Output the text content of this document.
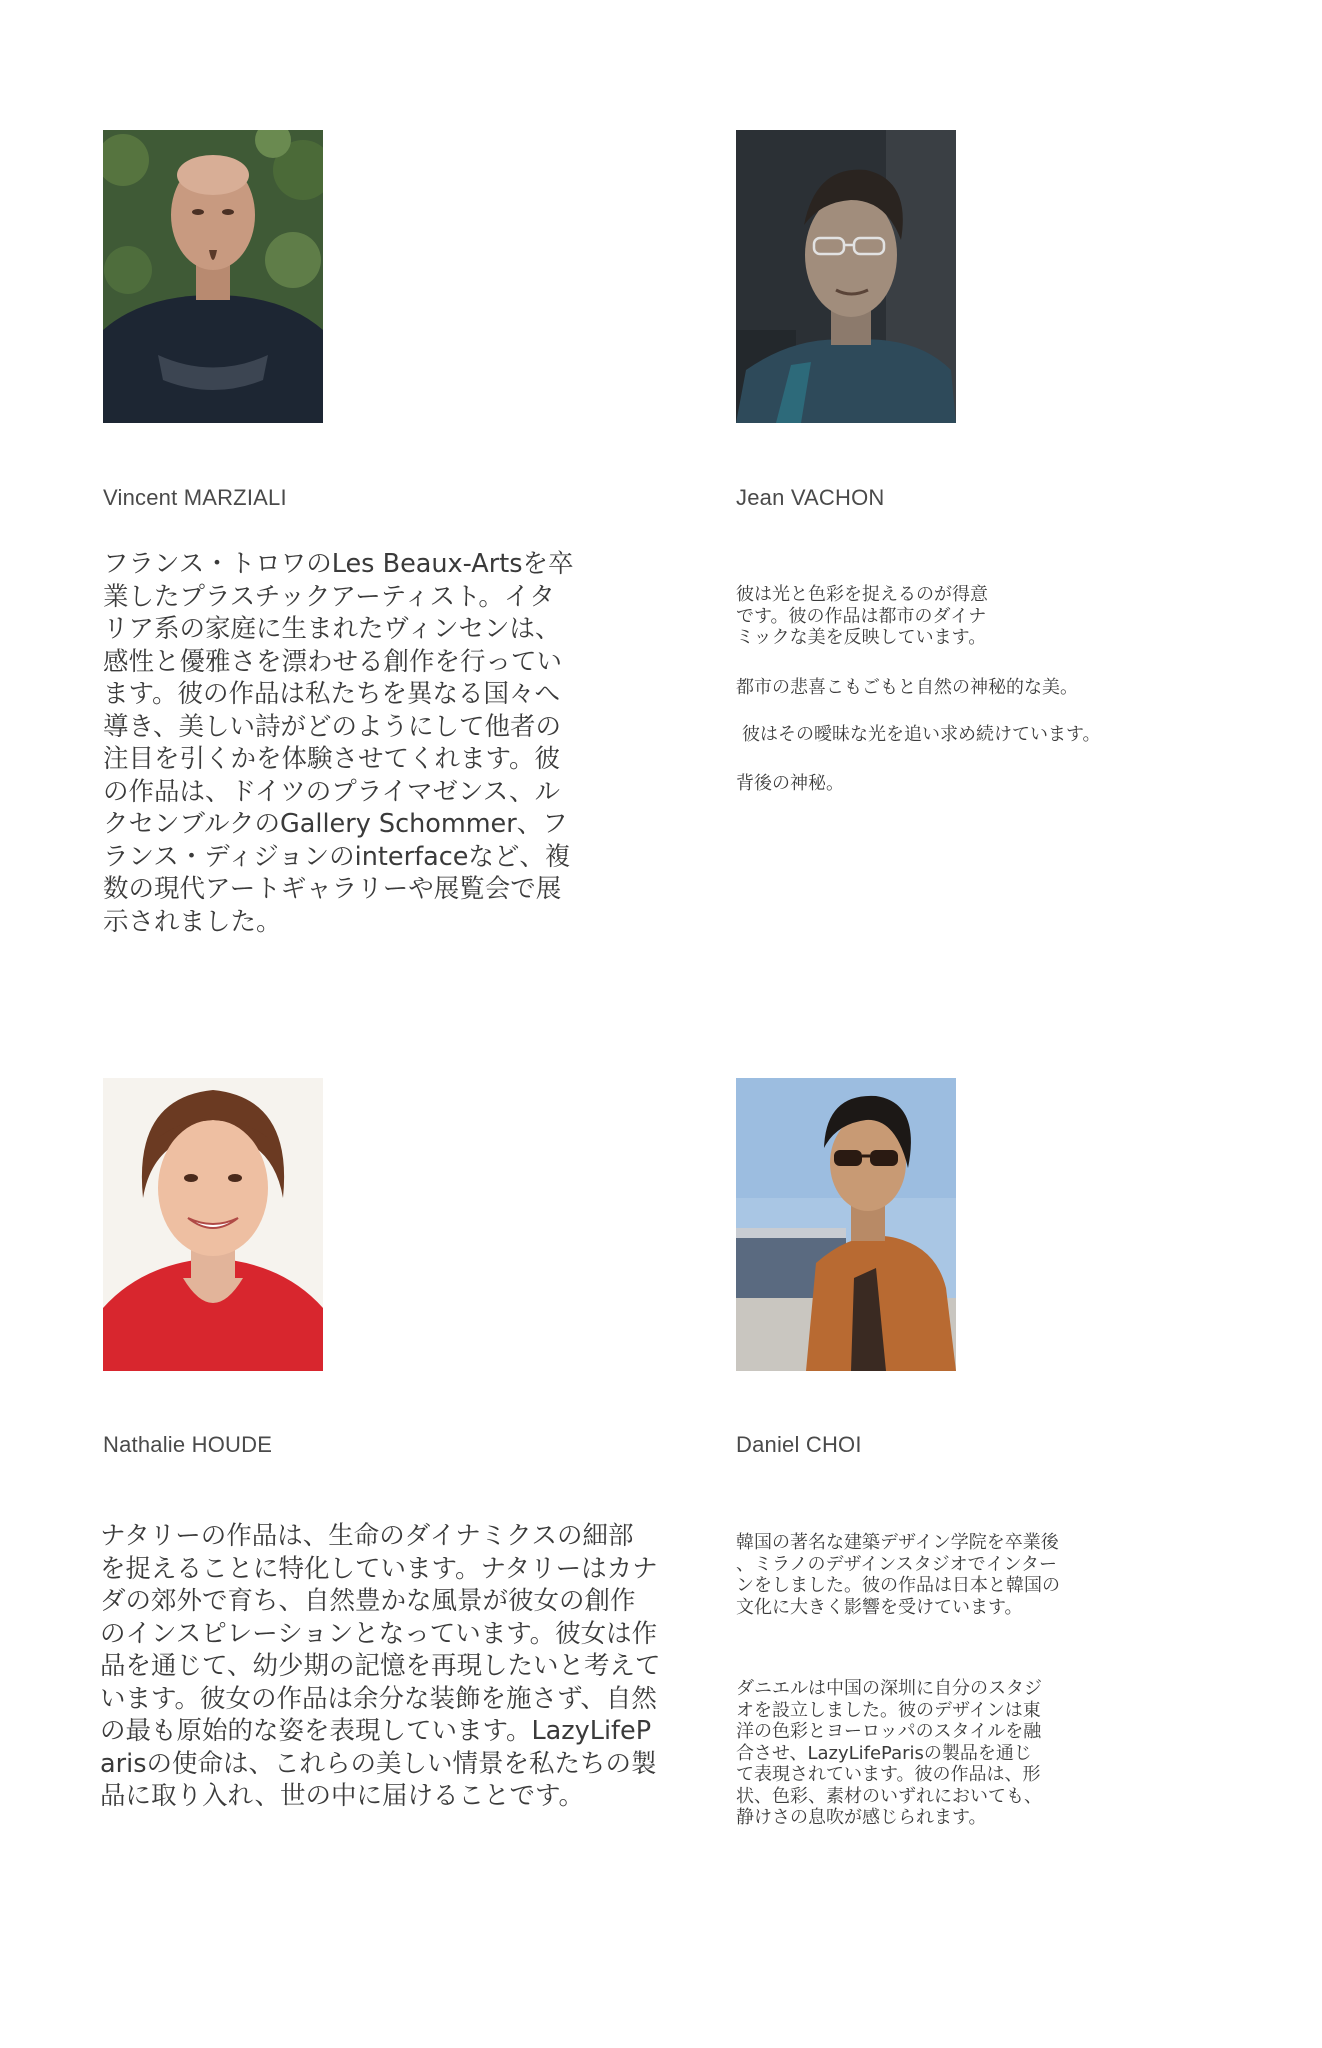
Vincent MARZIALI	Jean VACHON
Nathalie HOUDE	Daniel CHOI
フランス・トロワのLes Beaux-Artsを卒
業したプラスチックアーティスト。イタ
リア系の家庭に生まれたヴィンセンは、
感性と優雅さを漂わせる創作を行ってい
ます。彼の作品は私たちを異なる国々へ
導き、美しい詩がどのようにして他者の
注目を引くかを体験させてくれます。彼
の作品は、ドイツのプライマゼンス、ル
クセンブルクのGallery Schommer、フ
ランス・ディジョンのinterfaceなど、複
数の現代アートギャラリーや展覧会で展
示されました。
彼は光と色彩を捉えるのが得意
です。彼の作品は都市のダイナ
ミックな美を反映しています。
都市の悲喜こもごもと自然の神秘的な美。
彼はその曖昧な光を追い求め続けています。
背後の神秘。
ナタリーの作品は、生命のダイナミクスの細部
を捉えることに特化しています。ナタリーはカナ
ダの郊外で育ち、自然豊かな風景が彼女の創作
のインスピレーションとなっています。彼女は作
品を通じて、幼少期の記憶を再現したいと考えて
います。彼女の作品は余分な装飾を施さず、自然
の最も原始的な姿を表現しています。LazyLifeP
arisの使命は、これらの美しい情景を私たちの製
品に取り入れ、世の中に届けることです。
韓国の著名な建築デザイン学院を卒業後
、ミラノのデザインスタジオでインター
ンをしました。彼の作品は日本と韓国の
文化に大きく影響を受けています。
ダニエルは中国の深圳に自分のスタジ
オを設立しました。彼のデザインは東
洋の色彩とヨーロッパのスタイルを融
合させ、LazyLifeParisの製品を通じ
て表現されています。彼の作品は、形
状、色彩、素材のいずれにおいても、
静けさの息吹が感じられます。
